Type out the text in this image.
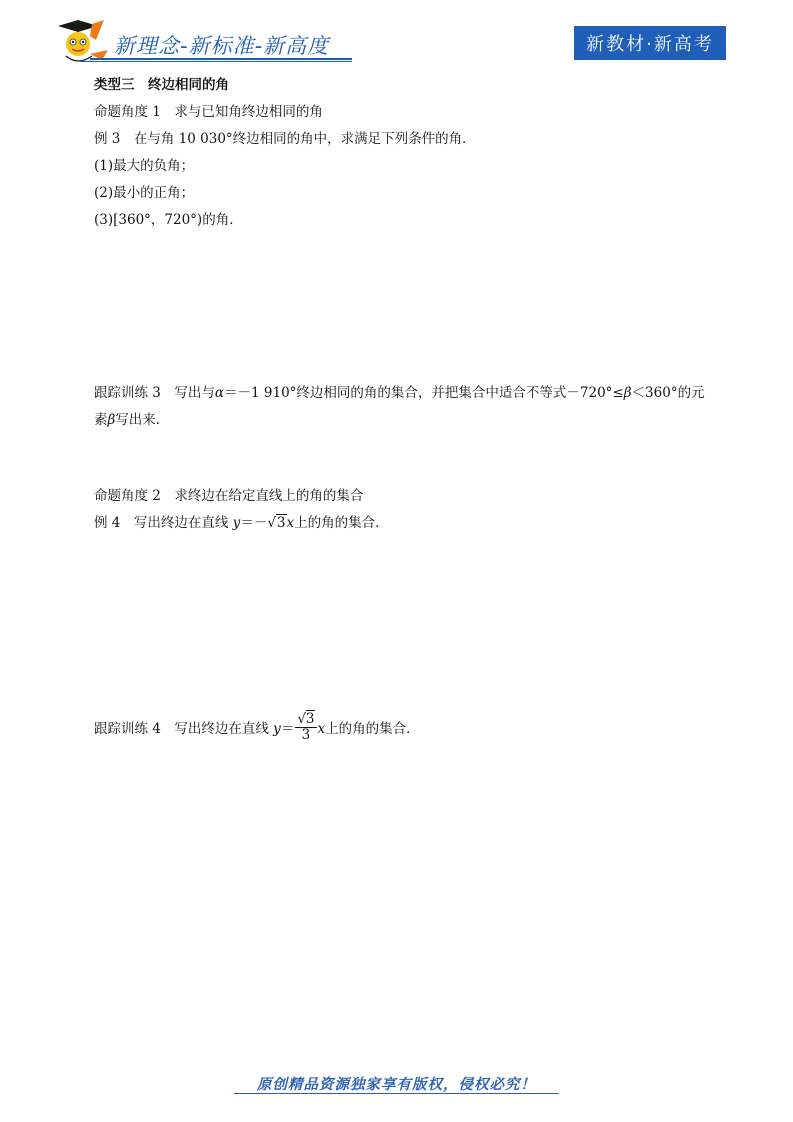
新理念-新标准-新高度	新教材·新高考
类型三　终边相同的角
命题角度 1　求与已知角终边相同的角
例 3　在与角 10 030°终边相同的角中，求满足下列条件的角．
(1)最大的负角；
(2)最小的正角；
(3)[360°，720°)的角．
跟踪训练 3　写出与α＝－1 910°终边相同的角的集合，并把集合中适合不等式－720°≤β＜360°的元
素β写出来．
命题角度 2　求终边在给定直线上的角的集合
例 4　写出终边在直线 y＝－√3x上的角的集合．
跟踪训练 4　写出终边在直线 $y= \frac{√3}{3}$ x上的角的集合．
原创精品资源独家享有版权，侵权必究！
